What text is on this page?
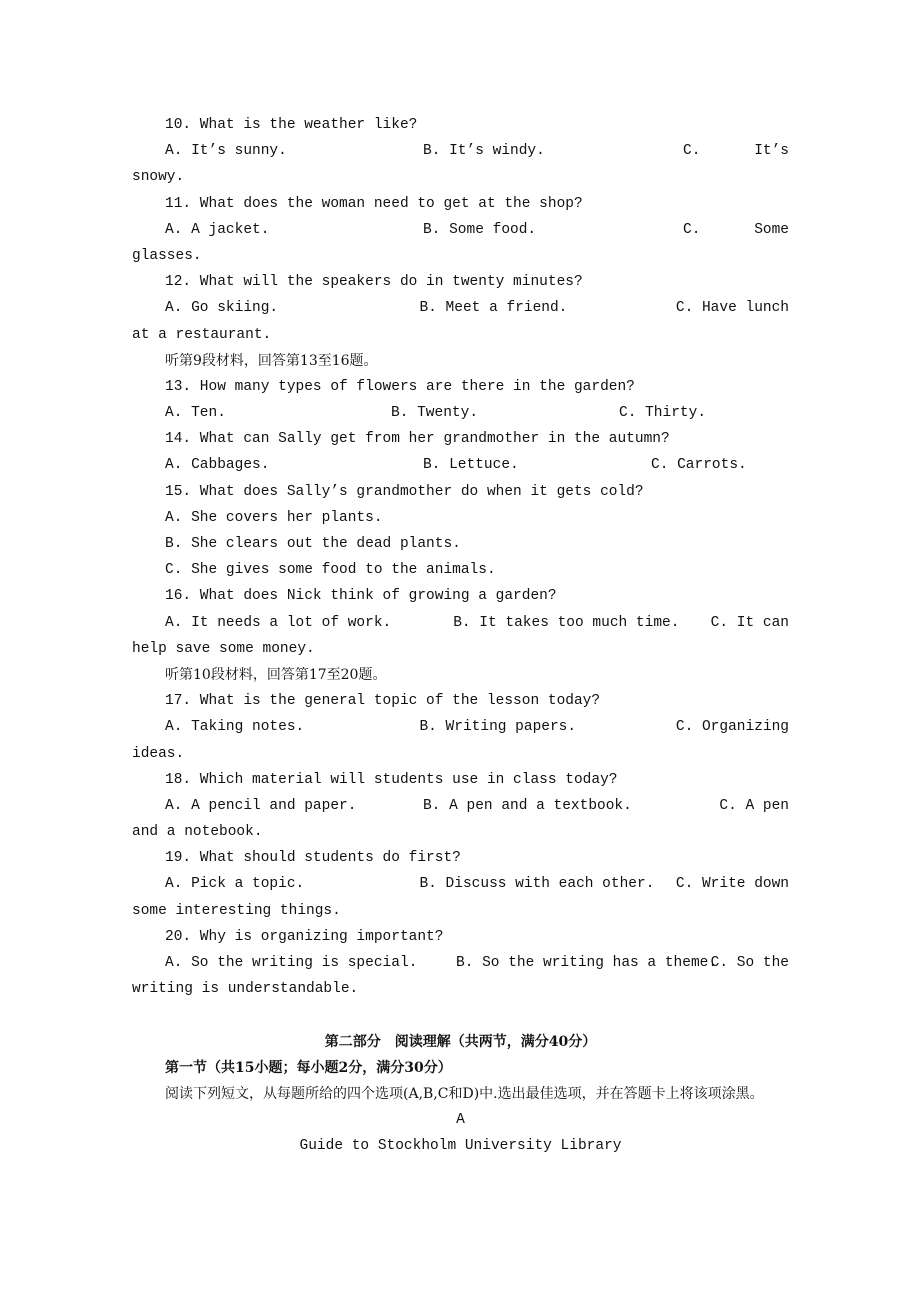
10. What is the weather like?
A. It’s sunny.	B. It’s windy.	C.	It’s
snowy.
11. What does the woman need to get at the shop?
A. A jacket.	B. Some food.	C.	Some
glasses.
12. What will the speakers do in twenty minutes?
A. Go skiing.	B. Meet a friend.	C. Have lunch
at a restaurant.
听第9段材料，回答第13至16题。
13. How many types of flowers are there in the garden?
A. Ten.	B. Twenty.	C. Thirty.
14. What can Sally get from her grandmother in the autumn?
A. Cabbages.	B. Lettuce.	C. Carrots.
15. What does Sally’s grandmother do when it gets cold?
A. She covers her plants.
B. She clears out the dead plants.
C. She gives some food to the animals.
16. What does Nick think of growing a garden?
A. It needs a lot of work.	B. It takes too much time.	C. It can
help save some money.
听第10段材料，回答第17至20题。
17. What is the general topic of the lesson today?
A. Taking notes.	B. Writing papers.	C. Organizing
ideas.
18. Which material will students use in class today?
A. A pencil and paper.	B. A pen and a textbook.	C. A pen
and a notebook.
19. What should students do first?
A. Pick a topic.	B. Discuss with each other.	C. Write down
some interesting things.
20. Why is organizing important?
A. So the writing is special.	B. So the writing has a theme.
C. So the
writing is understandable.
第二部分　阅读理解（共两节，满分40分）
第一节（共15小题；每小题2分，满分30分）
阅读下列短文，从每题所给的四个选项(A,B,C和D)中.选出最佳选项，并在答题卡上将该项涂黑。
A
Guide to Stockholm University Library
